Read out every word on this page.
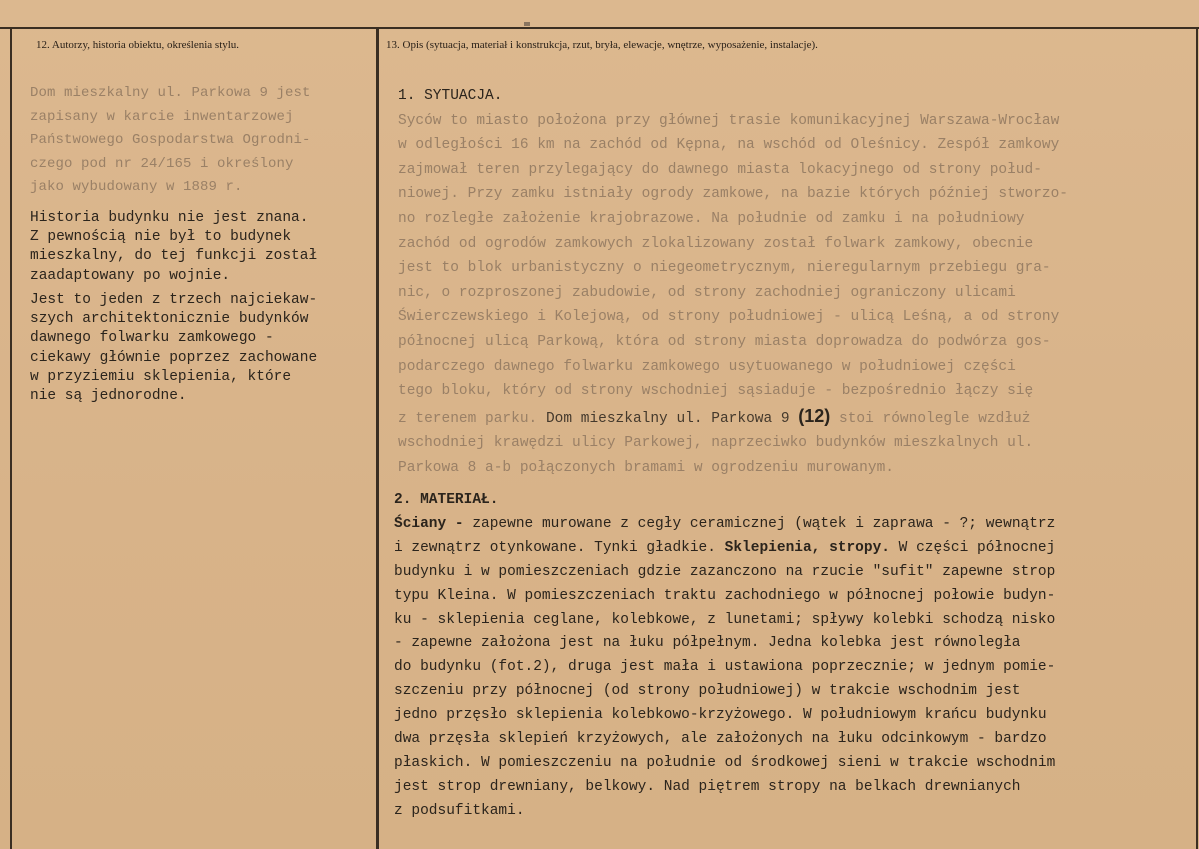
12. Autorzy, historia obiektu, określenia stylu.	13. Opis (sytuacja, materiał i konstrukcja, rzut, bryła, elewacje, wnętrze, wyposażenie, instalacje).
Dom mieszkalny ul. Parkowa 9 jest
zapisany w karcie inwentarzowej
Państwowego Gospodarstwa Ogrodni-
czego pod nr 24/165 i określony
jako wybudowany w 1889 r.
Historia budynku nie jest znana.
Z pewnością nie był to budynek
mieszkalny, do tej funkcji został
zaadaptowany po wojnie.
Jest to jeden z trzech najciekaw-
szych architektonicznie budynków
dawnego folwarku zamkowego -
ciekawy głównie poprzez zachowane
w przyziemiu sklepienia, które
nie są jednorodne.
1. SYTUACJA.
Syców to miasto położona przy głównej trasie komunikacyjnej Warszawa-Wrocław
w odległości 16 km na zachód od Kępna, na wschód od Oleśnicy. Zespół zamkowy
zajmował teren przylegający do dawnego miasta lokacyjnego od strony połud-
niowej. Przy zamku istniały ogrody zamkowe, na bazie których później stworzo-
no rozległe założenie krajobrazowe. Na południe od zamku i na południowy
zachód od ogrodów zamkowych zlokalizowany został folwark zamkowy, obecnie
jest to blok urbanistyczny o niegeometrycznym, nieregularnym przebiegu gra-
nic, o rozproszonej zabudowie, od strony zachodniej ograniczony ulicami
Świerczewskiego i Kolejową, od strony południowej - ulicą Leśną, a od strony
północnej ulicą Parkową, która od strony miasta doprowadza do podwórza gos-
podarczego dawnego folwarku zamkowego usytuowanego w południowej części
tego bloku, który od strony wschodniej sąsiaduje - bezpośrednio łączy się
z terenem parku. Dom mieszkalny ul. Parkowa 9 (12) stoi równolegle wzdłuż
wschodniej krawędzi ulicy Parkowej, naprzeciwko budynków mieszkalnych ul.
Parkowa 8 a-b połączonych bramami w ogrodzeniu murowanym.
2. MATERIAŁ.
Ściany - zapewne murowane z cegły ceramicznej (wątek i zaprawa - ?; wewnątrz
i zewnątrz otynkowane. Tynki gładkie. Sklepienia, stropy. W części północnej
budynku i w pomieszczeniach gdzie zazanczono na rzucie "sufit" zapewne strop
typu Kleina. W pomieszczeniach traktu zachodniego w północnej połowie budyn-
ku - sklepienia ceglane, kolebkowe, z lunetami; spływy kolebki schodzą nisko
- zapewne założona jest na łuku półpełnym. Jedna kolebka jest równoległa
do budynku (fot.2), druga jest mała i ustawiona poprzecznie; w jednym pomie-
szczeniu przy północnej (od strony południowej) w trakcie wschodnim jest
jedno przęsło sklepienia kolebkowo-krzyżowego. W południowym krańcu budynku
dwa przęsła sklepień krzyżowych, ale założonych na łuku odcinkowym - bardzo
płaskich. W pomieszczeniu na południe od środkowej sieni w trakcie wschodnim
jest strop drewniany, belkowy. Nad piętrem stropy na belkach drewnianych
z podsufitkami.
